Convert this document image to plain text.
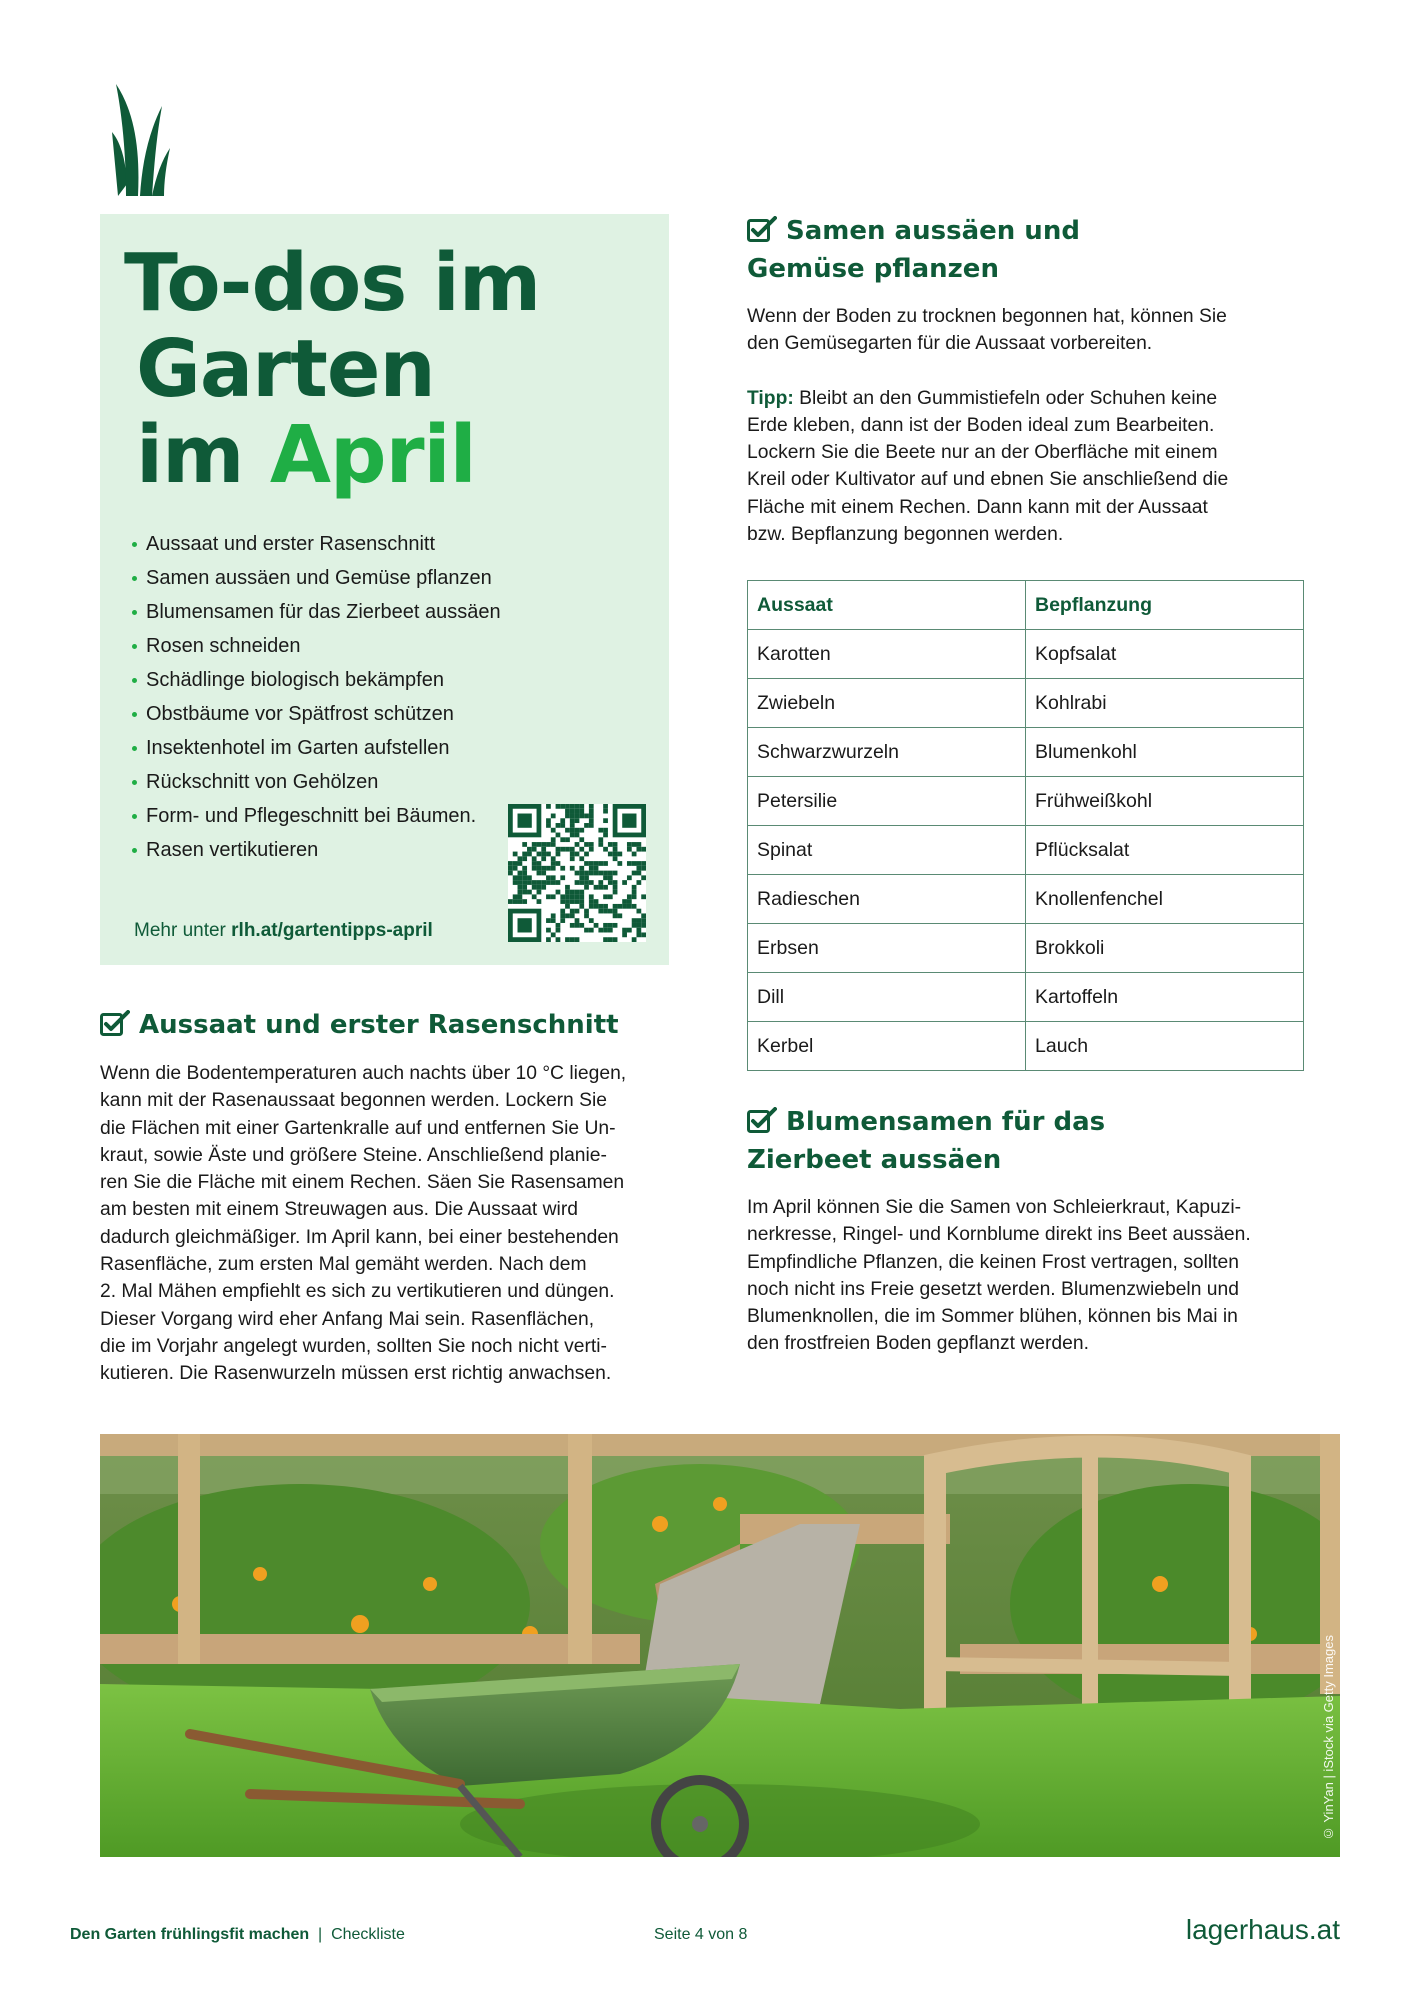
To-dos im
Garten
im April
Aussaat und erster Rasenschnitt
Samen aussäen und Gemüse pflanzen
Blumensamen für das Zierbeet aussäen
Rosen schneiden
Schädlinge biologisch bekämpfen
Obstbäume vor Spätfrost schützen
Insektenhotel im Garten aufstellen
Rückschnitt von Gehölzen
Form- und Pflegeschnitt bei Bäumen.
Rasen vertikutieren
Mehr unter rlh.at/gartentipps-april
Aussaat und erster Rasenschnitt
Wenn die Bodentemperaturen auch nachts über 10 °C liegen,
kann mit der Rasenaussaat begonnen werden. Lockern Sie
die Flächen mit einer Gartenkralle auf und entfernen Sie Un-
kraut, sowie Äste und größere Steine. Anschließend planie-
ren Sie die Fläche mit einem Rechen. Säen Sie Rasensamen
am besten mit einem Streuwagen aus. Die Aussaat wird
dadurch gleichmäßiger. Im April kann, bei einer bestehenden
Rasenfläche, zum ersten Mal gemäht werden. Nach dem
2. Mal Mähen empfiehlt es sich zu vertikutieren und düngen.
Dieser Vorgang wird eher Anfang Mai sein. Rasenflächen,
die im Vorjahr angelegt wurden, sollten Sie noch nicht verti-
kutieren. Die Rasenwurzeln müssen erst richtig anwachsen.
Samen aussäen und
Gemüse pflanzen
Wenn der Boden zu trocknen begonnen hat, können Sie
den Gemüsegarten für die Aussaat vorbereiten.
Tipp: Bleibt an den Gummistiefeln oder Schuhen keine
Erde kleben, dann ist der Boden ideal zum Bearbeiten.
Lockern Sie die Beete nur an der Oberfläche mit einem
Kreil oder Kultivator auf und ebnen Sie anschließend die
Fläche mit einem Rechen. Dann kann mit der Aussaat
bzw. Bepflanzung begonnen werden.
Aussaat	Bepflanzung
Karotten	Kopfsalat
Zwiebeln	Kohlrabi
Schwarzwurzeln	Blumenkohl
Petersilie	Frühweißkohl
Spinat	Pflücksalat
Radieschen	Knollenfenchel
Erbsen	Brokkoli
Dill	Kartoffeln
Kerbel	Lauch
Blumensamen für das
Zierbeet aussäen
Im April können Sie die Samen von Schleierkraut, Kapuzi-
nerkresse, Ringel- und Kornblume direkt ins Beet aussäen.
Empfindliche Pflanzen, die keinen Frost vertragen, sollten
noch nicht ins Freie gesetzt werden. Blumenzwiebeln und
Blumenknollen, die im Sommer blühen, können bis Mai in
den frostfreien Boden gepflanzt werden.
© YinYan | iStock via Getty Images
Den Garten frühlingsfit machen | Checkliste	Seite 4 von 8	lagerhaus.at
